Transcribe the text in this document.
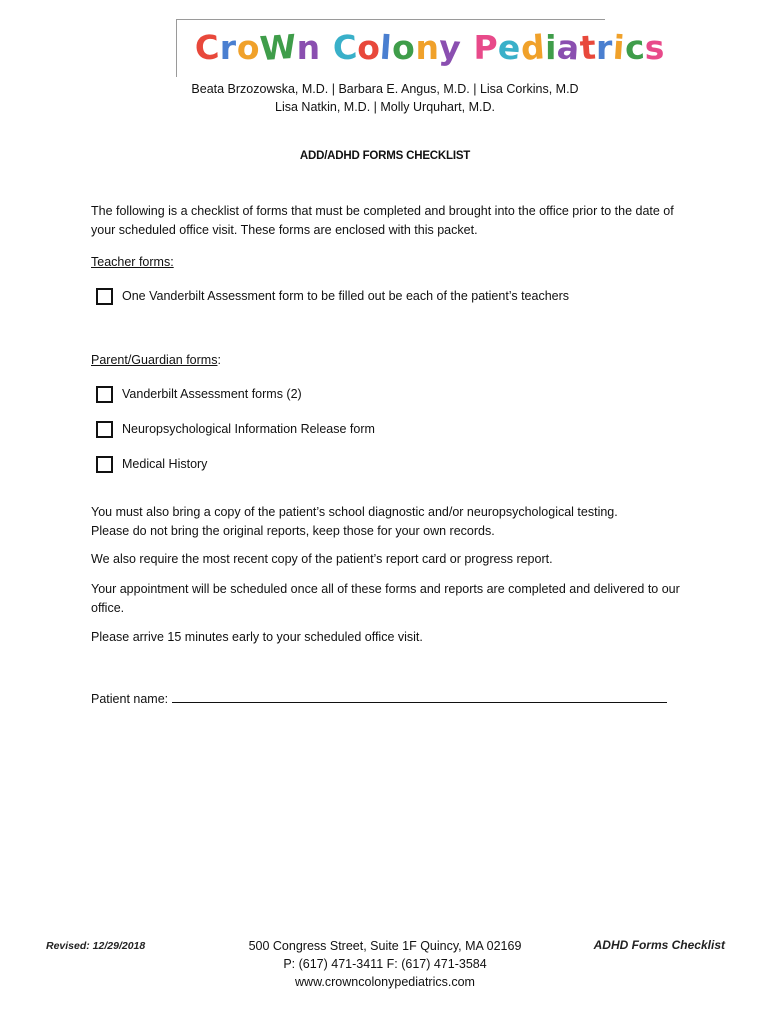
CroWn Colony Pediatrics
Beata Brzozowska, M.D. | Barbara E. Angus, M.D. | Lisa Corkins, M.D
Lisa Natkin, M.D. | Molly Urquhart, M.D.
ADD/ADHD FORMS CHECKLIST
The following is a checklist of forms that must be completed and brought into the office prior to the date of your scheduled office visit. These forms are enclosed with this packet.
Teacher forms:
One Vanderbilt Assessment form to be filled out be each of the patient’s teachers
Parent/Guardian forms:
Vanderbilt Assessment forms (2)
Neuropsychological Information Release form
Medical History
You must also bring a copy of the patient’s school diagnostic and/or neuropsychological testing.
Please do not bring the original reports, keep those for your own records.
We also require the most recent copy of the patient’s report card or progress report.
Your appointment will be scheduled once all of these forms and reports are completed and delivered to our office.
Please arrive 15 minutes early to your scheduled office visit.
Patient name:
Revised: 12/29/2018	500 Congress Street, Suite 1F Quincy, MA 02169
P: (617) 471-3411 F: (617) 471-3584
www.crowncolonypediatrics.com
ADHD Forms Checklist
